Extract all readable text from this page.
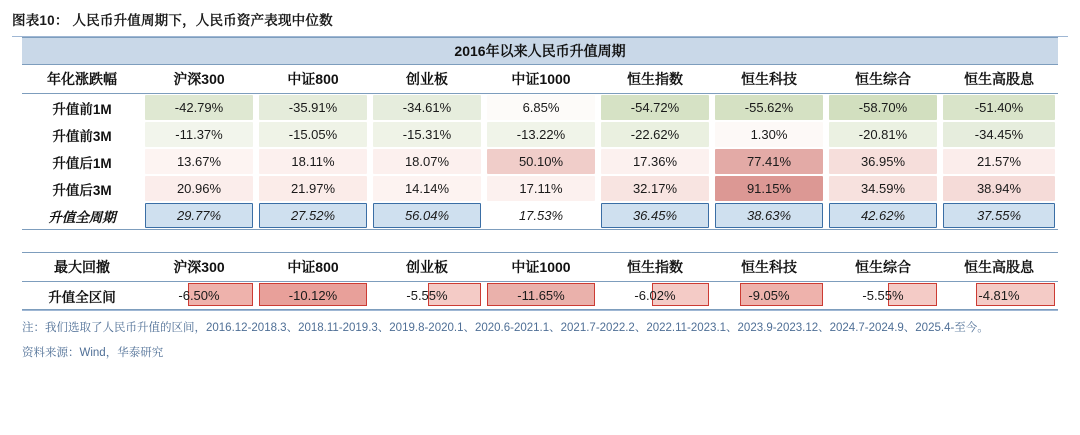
图表10： 人民币升值周期下，人民币资产表现中位数
2016年以来人民币升值周期								
年化涨跌幅	沪深300	中证800	创业板	中证1000	恒生指数	恒生科技	恒生综合	恒生高股息
升值前1M	-42.79%	-35.91%	-34.61%	6.85%	-54.72%	-55.62%	-58.70%	-51.40%

升值前3M	-11.37%	-15.05%	-15.31%	-13.22%	-22.62%	1.30%	-20.81%	-34.45%

升值后1M	13.67%	18.11%	18.07%	50.10%	17.36%	77.41%	36.95%	21.57%

升值后3M	20.96%	21.97%	14.14%	17.11%	32.17%	91.15%	34.59%	38.94%

升值全周期	29.77%	27.52%	56.04%	17.53%	36.45%	38.63%	42.62%	37.55%
最大回撤	沪深300	中证800	创业板	中证1000	恒生指数	恒生科技	恒生综合	恒生高股息
升值全区间	-6.50%	-10.12%	-5.55%	-11.65%	-6.02%	-9.05%	-5.55%	-4.81%
注：我们选取了人民币升值的区间，2016.12-2018.3、2018.11-2019.3、2019.8-2020.1、2020.6-2021.1、2021.7-2022.2、2022.11-2023.1、2023.9-2023.12、2024.7-2024.9、2025.4-至今。
资料来源：Wind，华泰研究
